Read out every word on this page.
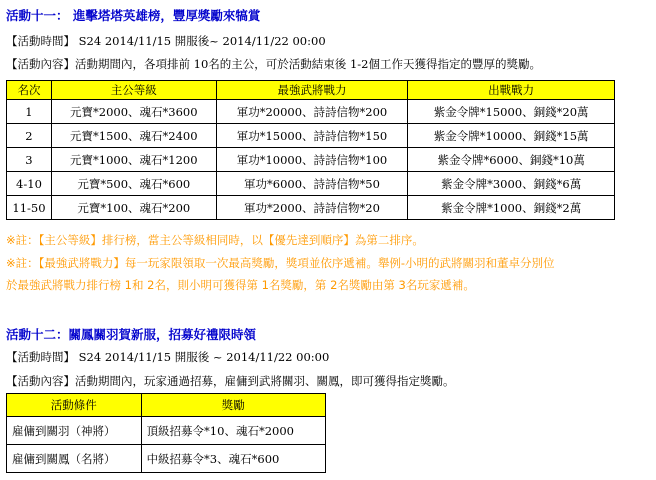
活動十一： 進擊塔塔英雄榜，豐厚獎勵來犒賞
【活動時間】 S24 2014/11/15 開服後~ 2014/11/22 00:00
【活動內容】活動期間內，各項排前 10名的主公，可於活動結束後 1-2個工作天獲得指定的豐厚的獎勵。
名次	主公等級	最強武將戰力	出戰戰力
1	元寶*2000、魂石*3600	軍功*20000、詩詩信物*200	紫金令牌*15000、銅錢*20萬
2	元寶*1500、魂石*2400	軍功*15000、詩詩信物*150	紫金令牌*10000、銅錢*15萬
3	元寶*1000、魂石*1200	軍功*10000、詩詩信物*100	紫金令牌*6000、銅錢*10萬
4-10	元寶*500、魂石*600	軍功*6000、詩詩信物*50	紫金令牌*3000、銅錢*6萬
11-50	元寶*100、魂石*200	軍功*2000、詩詩信物*20	紫金令牌*1000、銅錢*2萬
※註：【主公等級】排行榜，當主公等級相同時，以【優先達到順序】為第二排序。
※註：【最強武將戰力】每一玩家限領取一次最高獎勵，獎項並依序遞補。舉例-小明的武將關羽和董卓分別位
於最強武將戰力排行榜 1和 2名，則小明可獲得第 1名獎勵，第 2名獎勵由第 3名玩家遞補。
活動十二：關鳳關羽賀新服，招募好禮限時領
【活動時間】 S24 2014/11/15 開服後 ~ 2014/11/22 00:00
【活動內容】活動期間內，玩家通過招募，雇傭到武將關羽、關鳳，即可獲得指定獎勵。
活動條件	獎勵
雇傭到關羽（神將）	頂級招募令*10、魂石*2000
雇傭到關鳳（名將）	中級招募令*3、魂石*600
